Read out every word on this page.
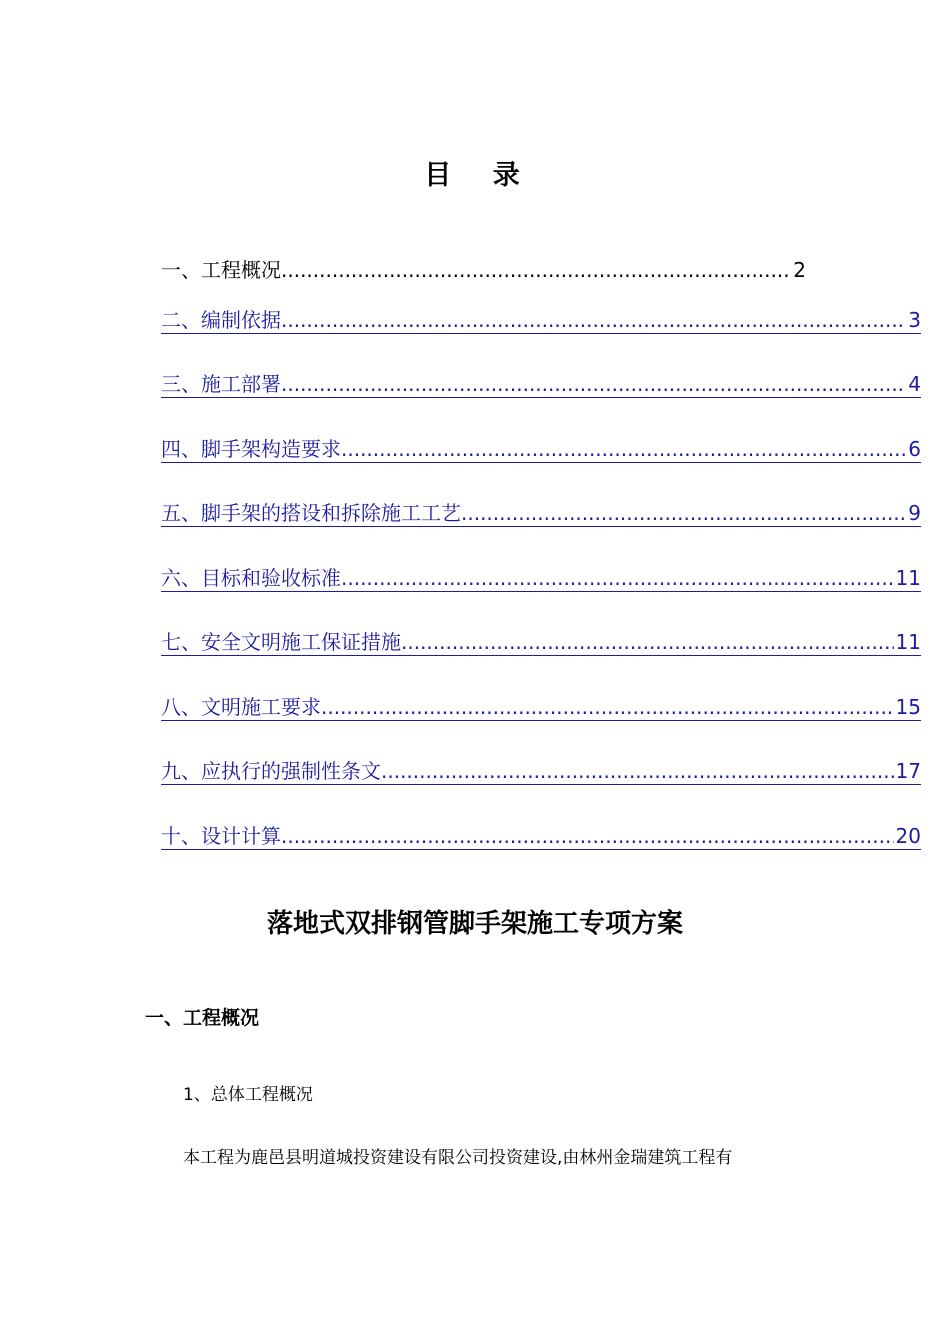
目 录
一、工程概况 .....	2
二、编制依据 .....	3
三、施工部署 .....	4
四、脚手架构造要求 .....	6
五、脚手架的搭设和拆除施工工艺 .....	9
六、目标和验收标准 .....	11
七、安全文明施工保证措施 .....	11
八、文明施工要求 .....	15
九、应执行的强制性条文 .....	17
十、设计计算 .....	20
落地式双排钢管脚手架施工专项方案
一、工程概况
1、总体工程概况
本工程为鹿邑县明道城投资建设有限公司投资建设,由林州金瑞建筑工程有
